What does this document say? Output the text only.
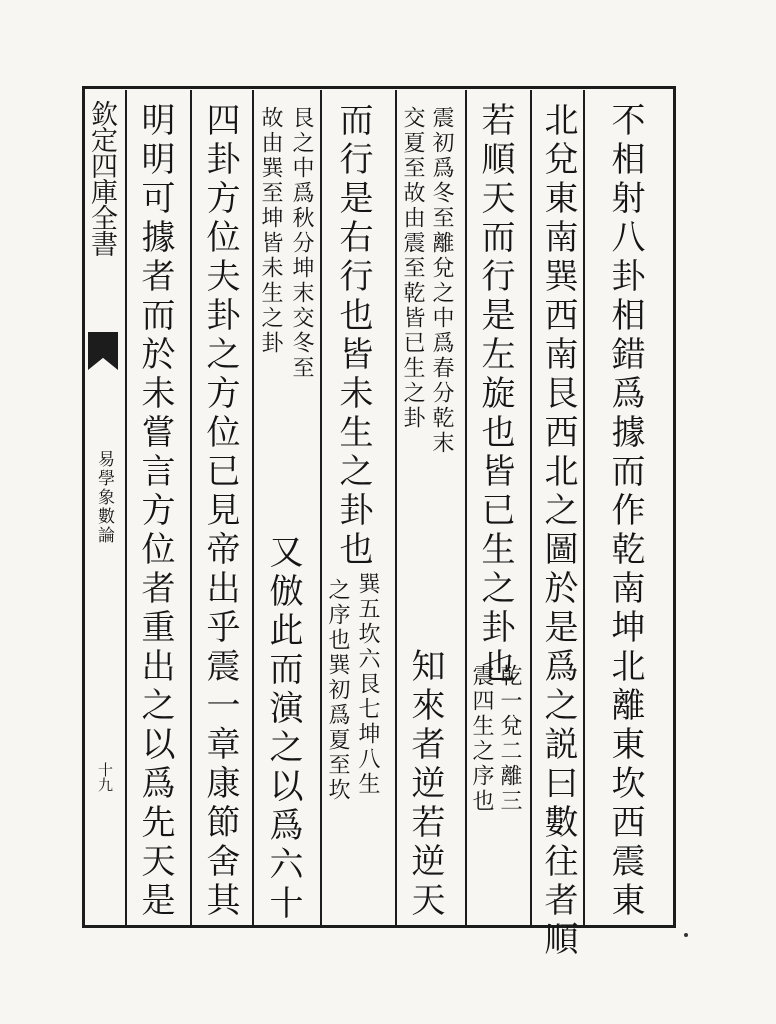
欽定四庫全書
易學象數論
十九	不相射八卦相錯爲據而作乾南坤北離東坎西震東
北兌東南巽西南艮西北之圖於是爲之説曰數往者順
若順天而行是左旋也皆已生之卦也
乾一兌二離三
震四生之序也
知來者逆若逆天
震初爲冬至離兌之中爲春分乾末
交夏至故由震至乾皆已生之卦
而行是右行也皆未生之卦也
巽五坎六艮七坤八生
之序也巽初爲夏至坎
艮之中爲秋分坤末交冬至
故由巽至坤皆未生之卦
又倣此而演之以爲六十
四卦方位夫卦之方位已見帝出乎震一章康節舍其
明明可據者而於未嘗言方位者重出之以爲先天是
